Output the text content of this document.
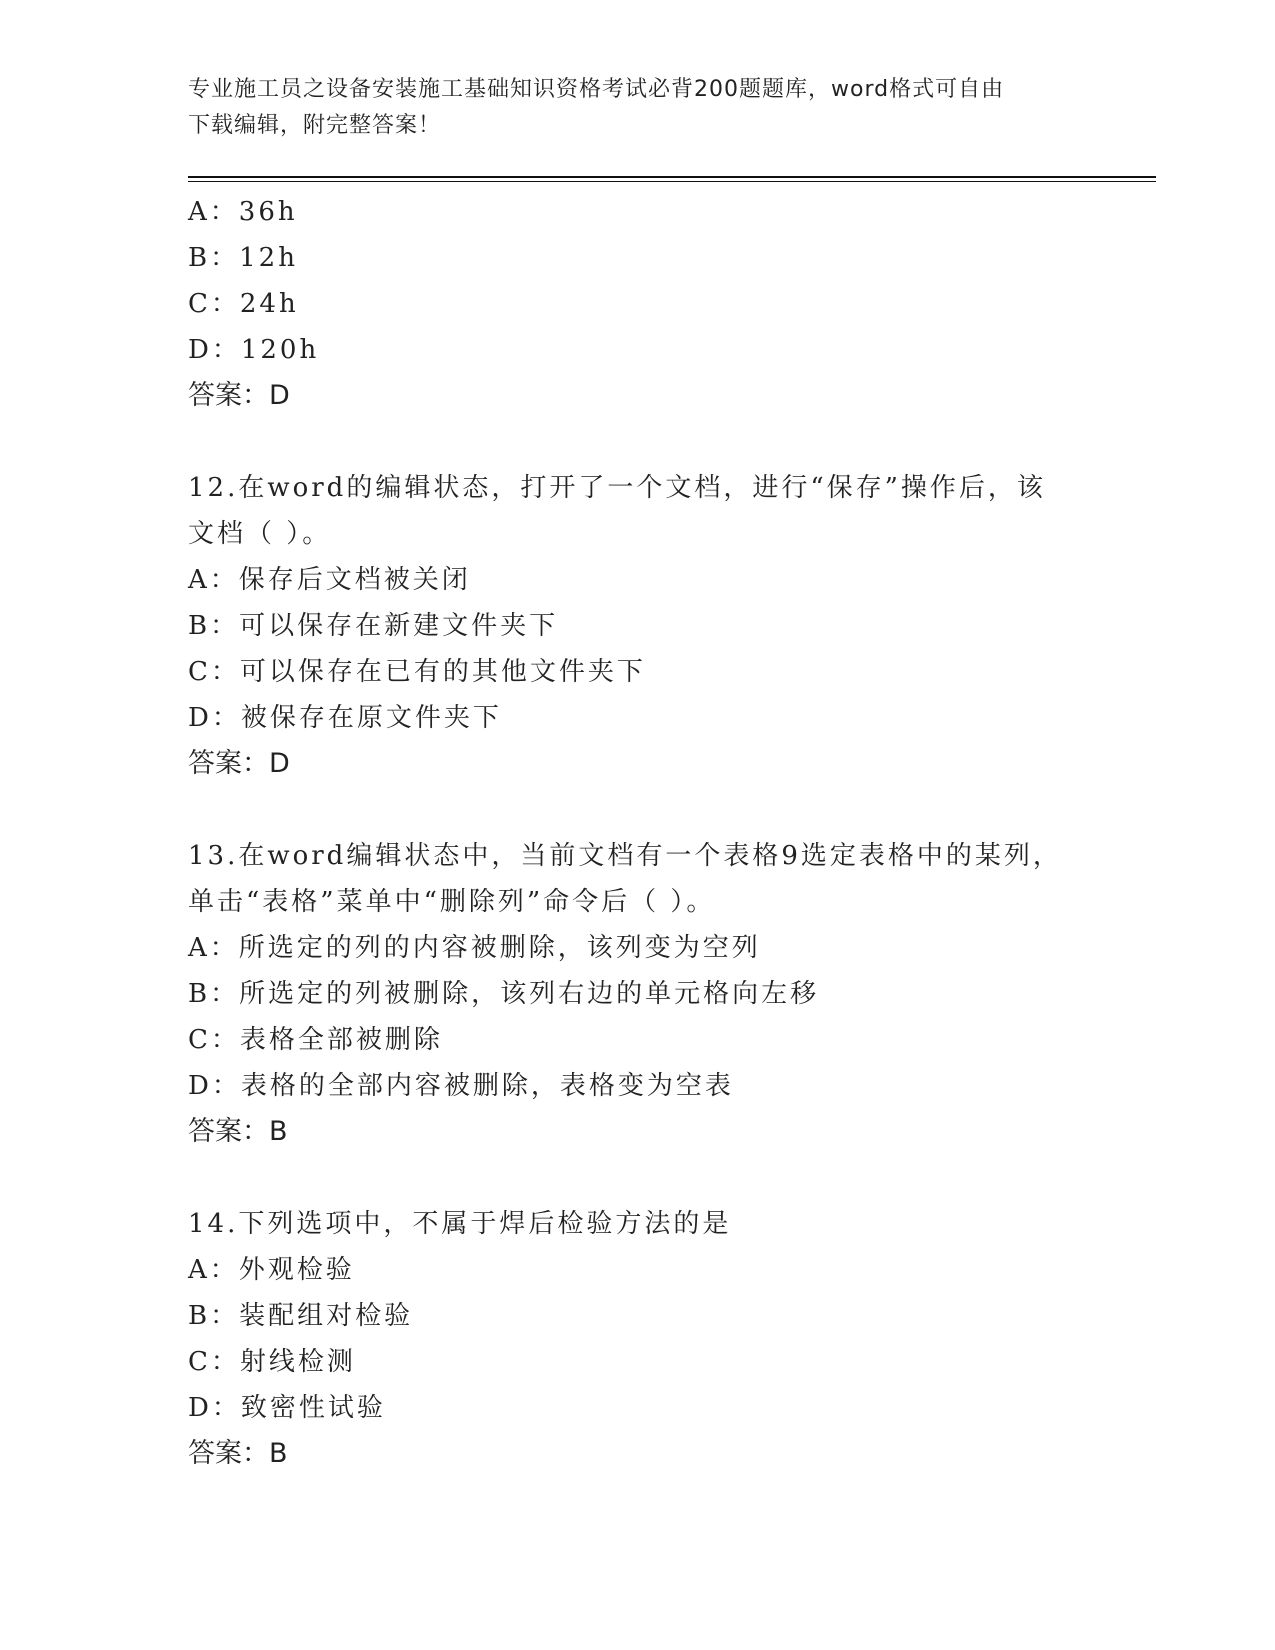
专业施工员之设备安装施工基础知识资格考试必背200题题库，word格式可自由
下载编辑，附完整答案！
A：36h
B：12h
C：24h
D：120h
答案：D
12.在word的编辑状态，打开了一个文档，进行“保存”操作后，该
文档（ ）。
A：保存后文档被关闭
B：可以保存在新建文件夹下
C：可以保存在已有的其他文件夹下
D：被保存在原文件夹下
答案：D
13.在word编辑状态中，当前文档有一个表格9选定表格中的某列，
单击“表格”菜单中“删除列”命令后（ ）。
A：所选定的列的内容被删除，该列变为空列
B：所选定的列被删除，该列右边的单元格向左移
C：表格全部被删除
D：表格的全部内容被删除，表格变为空表
答案：B
14.下列选项中，不属于焊后检验方法的是
A：外观检验
B：装配组对检验
C：射线检测
D：致密性试验
答案：B
